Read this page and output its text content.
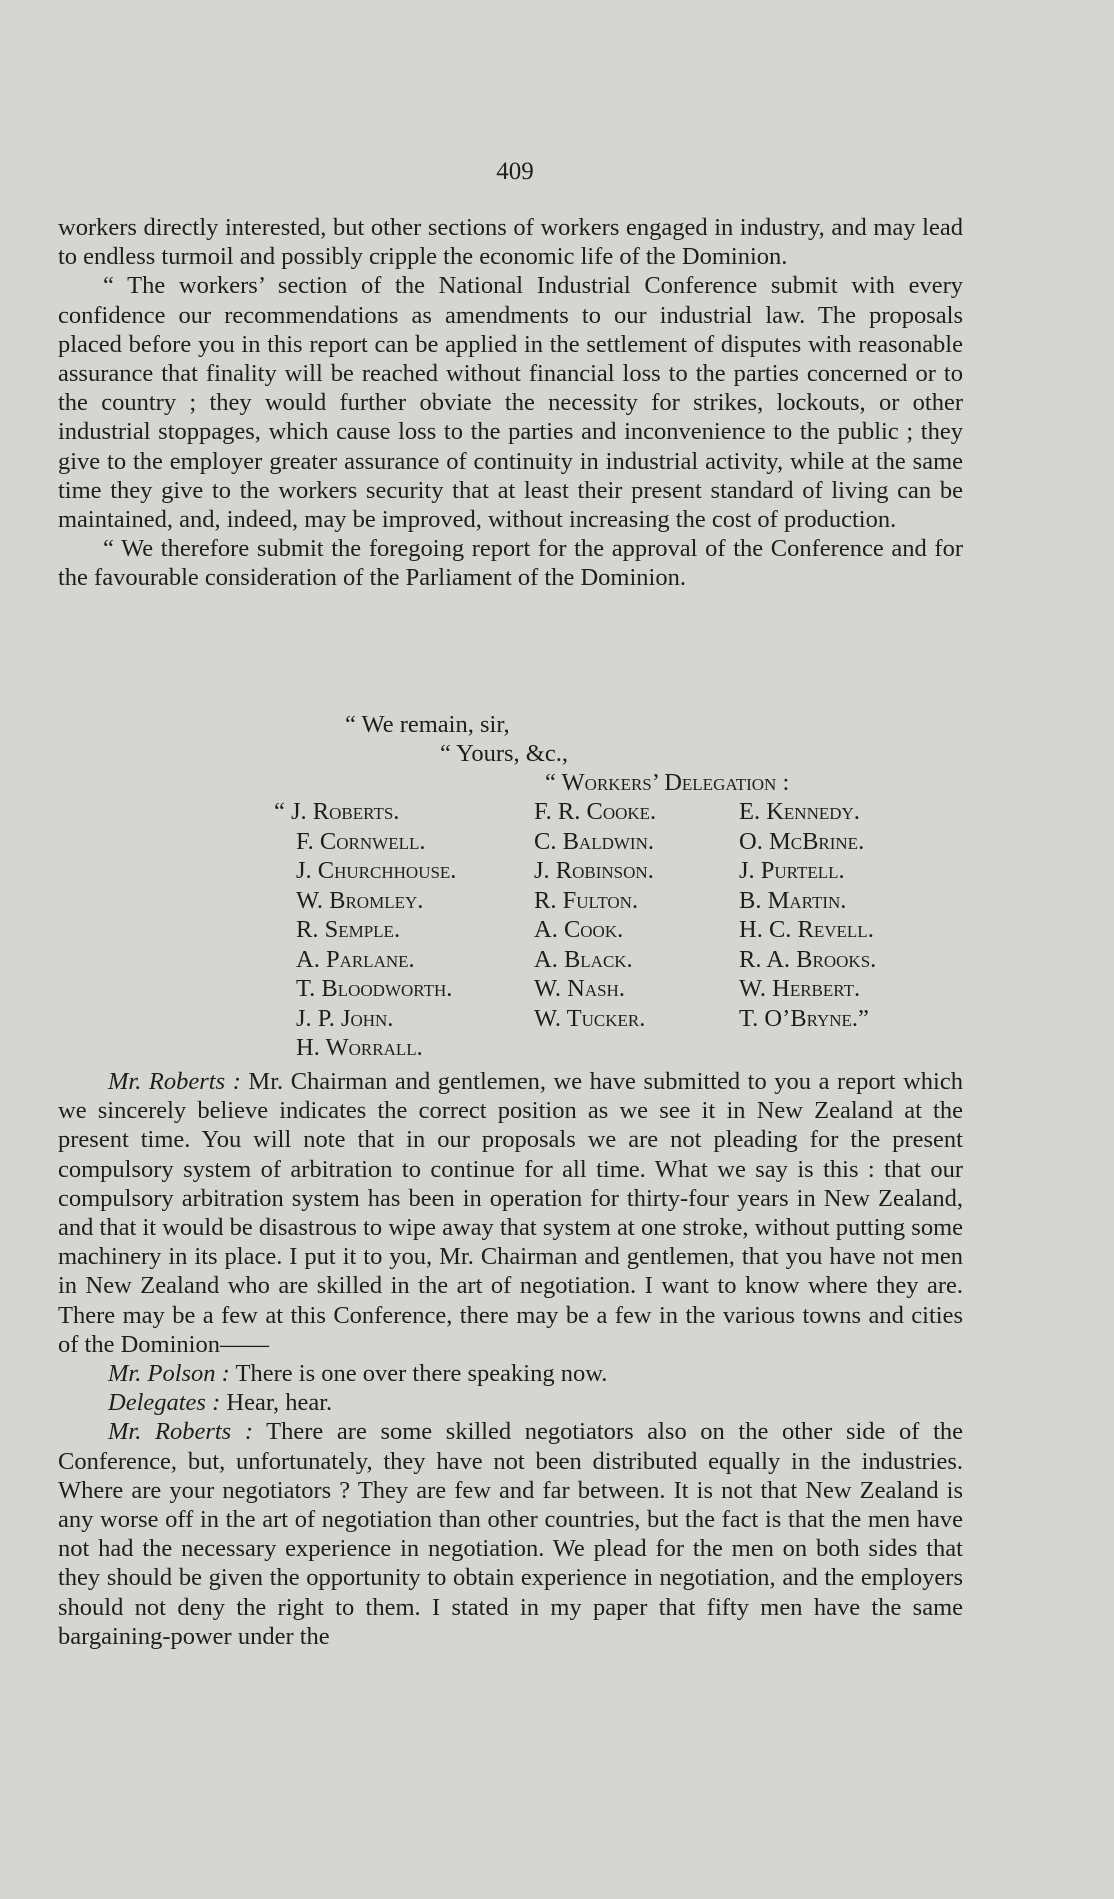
409

workers directly interested, but other sections of workers engaged in industry, and may lead to endless turmoil and possibly cripple the economic life of the Dominion.

“ The workers’ section of the National Industrial Conference submit with every confidence our recommendations as amendments to our industrial law. The proposals placed before you in this report can be applied in the settlement of disputes with reasonable assurance that finality will be reached without financial loss to the parties concerned or to the country ; they would further obviate the necessity for strikes, lockouts, or other industrial stoppages, which cause loss to the parties and inconvenience to the public ; they give to the employer greater assurance of continuity in industrial activity, while at the same time they give to the workers security that at least their present standard of living can be maintained, and, indeed, may be improved, without increasing the cost of production.

“ We therefore submit the foregoing report for the approval of the Conference and for the favourable consideration of the Parliament of the Dominion.

“ We remain, sir,
“ Yours, &c.,
“ Workers’ Delegation :
“ J. Roberts.
F. Cornwell.
J. Churchhouse.
W. Bromley.
R. Semple.
A. Parlane.
T. Bloodworth.
J. P. John.
H. Worrall.
F. R. Cooke.
C. Baldwin.
J. Robinson.
R. Fulton.
A. Cook.
A. Black.
W. Nash.
W. Tucker.
E. Kennedy.
O. McBrine.
J. Purtell.
B. Martin.
H. C. Revell.
R. A. Brooks.
W. Herbert.
T. O’Bryne.”

Mr. Roberts : Mr. Chairman and gentlemen, we have submitted to you a report which we sincerely believe indicates the correct position as we see it in New Zealand at the present time. You will note that in our proposals we are not pleading for the present compulsory system of arbitration to continue for all time. What we say is this : that our compulsory arbitration system has been in operation for thirty-four years in New Zealand, and that it would be disastrous to wipe away that system at one stroke, without putting some machinery in its place. I put it to you, Mr. Chairman and gentlemen, that you have not men in New Zealand who are skilled in the art of negotiation. I want to know where they are. There may be a few at this Conference, there may be a few in the various towns and cities of the Dominion——

Mr. Polson : There is one over there speaking now.

Delegates : Hear, hear.

Mr. Roberts : There are some skilled negotiators also on the other side of the Conference, but, unfortunately, they have not been distributed equally in the industries. Where are your negotiators ? They are few and far between. It is not that New Zealand is any worse off in the art of negotiation than other countries, but the fact is that the men have not had the necessary experience in negotiation. We plead for the men on both sides that they should be given the opportunity to obtain experience in negotiation, and the employers should not deny the right to them. I stated in my paper that fifty men have the same bargaining-power under the
